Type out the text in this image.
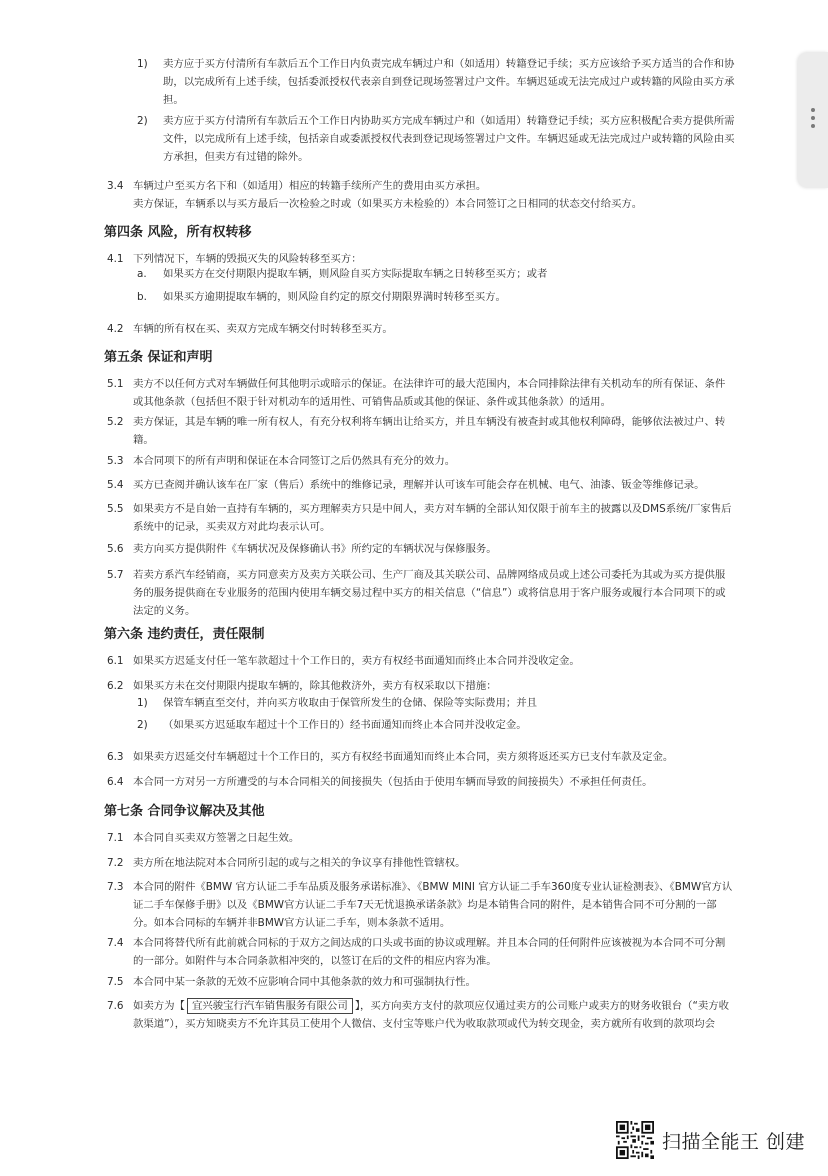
1)	卖方应于买方付清所有车款后五个工作日内负责完成车辆过户和（如适用）转籍登记手续；买方应该给予买方适当的合作和协助，以完成所有上述手续，包括委派授权代表亲自到登记现场签署过户文件。车辆迟延或无法完成过户或转籍的风险由买方承担。
2)	卖方应于买方付清所有车款后五个工作日内协助买方完成车辆过户和（如适用）转籍登记手续；买方应积极配合卖方提供所需文件，以完成所有上述手续，包括亲自或委派授权代表到登记现场签署过户文件。车辆迟延或无法完成过户或转籍的风险由买方承担，但卖方有过错的除外。
3.4 车辆过户至买方名下和（如适用）相应的转籍手续所产生的费用由买方承担。
卖方保证，车辆系以与买方最后一次检验之时或（如果买方未检验的）本合同签订之日相同的状态交付给买方。
第四条 风险，所有权转移
4.1 下列情况下，车辆的毁损灭失的风险转移至买方：
a.	如果买方在交付期限内提取车辆，则风险自买方实际提取车辆之日转移至买方；或者
b.	如果买方逾期提取车辆的，则风险自约定的原交付期限界满时转移至买方。
4.2 车辆的所有权在买、卖双方完成车辆交付时转移至买方。
第五条 保证和声明
5.1 卖方不以任何方式对车辆做任何其他明示或暗示的保证。在法律许可的最大范围内，本合同排除法律有关机动车的所有保证、条件或其他条款（包括但不限于针对机动车的适用性、可销售品质或其他的保证、条件或其他条款）的适用。
5.2 卖方保证，其是车辆的唯一所有权人，有充分权利将车辆出让给买方，并且车辆没有被查封或其他权利障碍，能够依法被过户、转籍。
5.3 本合同项下的所有声明和保证在本合同签订之后仍然具有充分的效力。
5.4 买方已查阅并确认该车在厂家（售后）系统中的维修记录，理解并认可该车可能会存在机械、电气、油漆、钣金等维修记录。
5.5 如果卖方不是自始一直持有车辆的，买方理解卖方只是中间人，卖方对车辆的全部认知仅限于前车主的披露以及DMS系统/厂家售后系统中的记录，买卖双方对此均表示认可。
5.6 卖方向买方提供附件《车辆状况及保修确认书》所约定的车辆状况与保修服务。
5.7 若卖方系汽车经销商，买方同意卖方及卖方关联公司、生产厂商及其关联公司、品牌网络成员或上述公司委托为其或为买方提供服务的服务提供商在专业服务的范围内使用车辆交易过程中买方的相关信息（“信息”）或将信息用于客户服务或履行本合同项下的或法定的义务。
第六条 违约责任，责任限制
6.1 如果买方迟延支付任一笔车款超过十个工作日的，卖方有权经书面通知而终止本合同并没收定金。
6.2 如果买方未在交付期限内提取车辆的，除其他救济外，卖方有权采取以下措施：
1)	保管车辆直至交付，并向买方收取由于保管所发生的仓储、保险等实际费用；并且
2)	（如果买方迟延取车超过十个工作日的）经书面通知而终止本合同并没收定金。
6.3 如果卖方迟延交付车辆超过十个工作日的，买方有权经书面通知而终止本合同，卖方须将返还买方已支付车款及定金。
6.4 本合同一方对另一方所遭受的与本合同相关的间接损失（包括由于使用车辆而导致的间接损失）不承担任何责任。
第七条 合同争议解决及其他
7.1 本合同自买卖双方签署之日起生效。
7.2 卖方所在地法院对本合同所引起的或与之相关的争议享有排他性管辖权。
7.3 本合同的附件《BMW 官方认证二手车品质及服务承诺标准》、《BMW MINI 官方认证二手车360度专业认证检测表》、《BMW官方认证二手车保修手册》以及《BMW官方认证二手车7天无忧退换承诺条款》均是本销售合同的附件，是本销售合同不可分割的一部分。如本合同标的车辆并非BMW官方认证二手车，则本条款不适用。
7.4 本合同将替代所有此前就合同标的于双方之间达成的口头或书面的协议或理解。并且本合同的任何附件应该被视为本合同不可分割的一部分。如附件与本合同条款相冲突的，以签订在后的文件的相应内容为准。
7.5 本合同中某一条款的无效不应影响合同中其他条款的效力和可强制执行性。
7.6 如卖方为【 宜兴骏宝行汽车销售服务有限公司 】，买方向卖方支付的款项应仅通过卖方的公司账户或卖方的财务收银台（“卖方收款渠道”），买方知晓卖方不允许其员工使用个人微信、支付宝等账户代为收取款项或代为转交现金，卖方就所有收到的款项均会
扫描全能王 创建
